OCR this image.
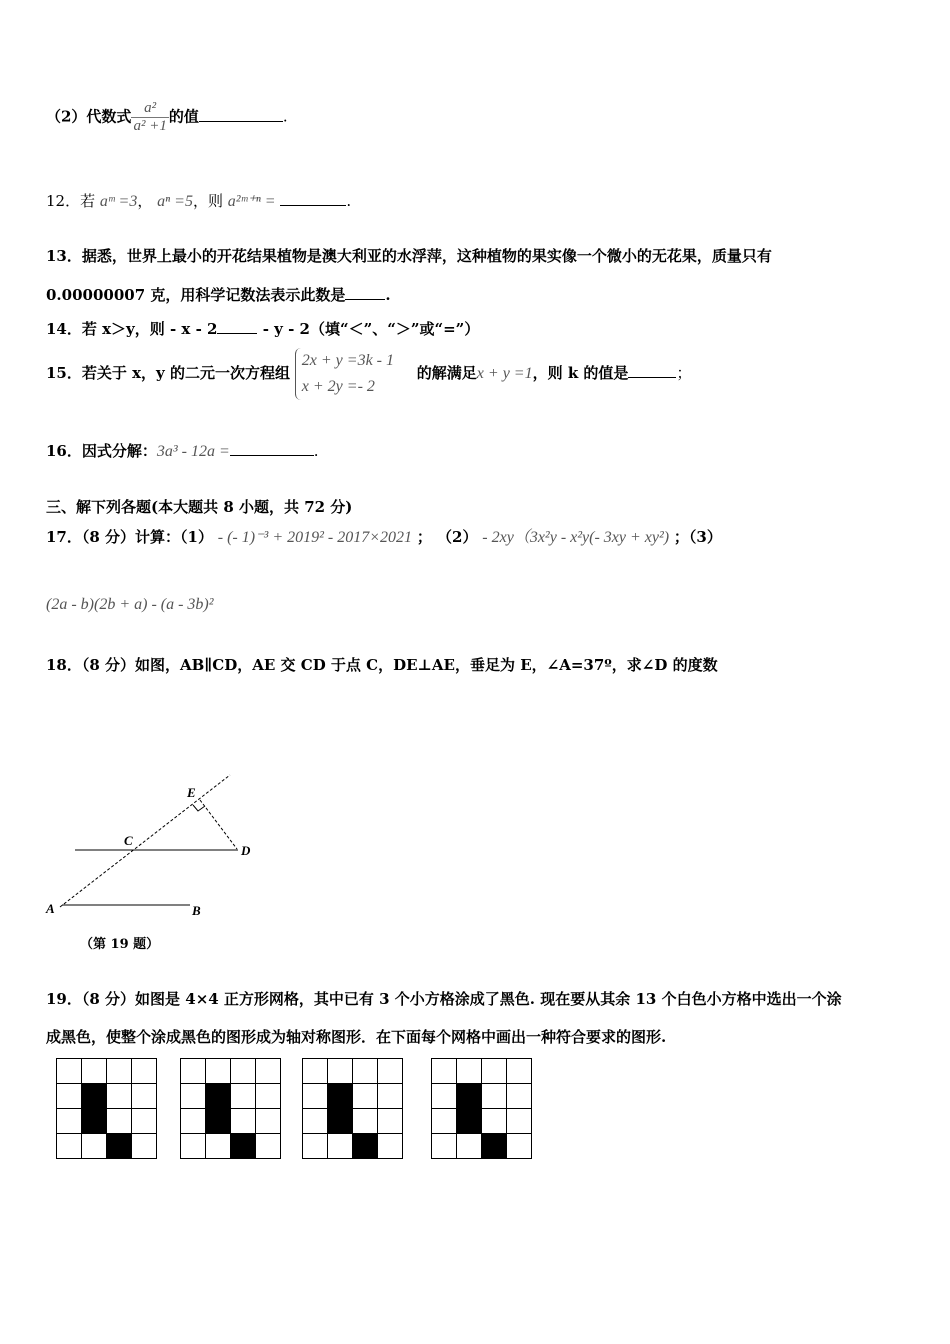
（2）代数式 $\frac{\text{a²}}{\text{a² +1}}$ 的值	.
12．若 aᵐ =3， aⁿ =5，则 a²ᵐ⁺ⁿ =	.
13．据悉，世界上最小的开花结果植物是澳大利亚的水浮萍，这种植物的果实像一个微小的无花果，质量只有
0.00000007 克，用科学记数法表示此数是	.
14．若 x＞y，则 - x - 2	- y - 2（填“＜”、“＞”或“=”）
15．若关于 x，y 的二元一次方程组
2x + y =3k - 1
x + 2y =- 2
的解满足x + y =1，则 k 的值是	；
16．因式分解：3a³ - 12a =	.
三、解下列各题(本大题共 8 小题，共 72 分)
17．（8 分）计算：（1） - (- 1)⁻³ + 2019² - 2017×2021 ； （2） - 2xy（3x²y - x²y(- 3xy + xy²) ；（3）
(2a - b)(2b + a) - (a - 3b)²
18．（8 分）如图，AB∥CD，AE 交 CD 于点 C，DE⊥AE，垂足为 E，∠A=37º，求∠D 的度数
E
C
D
A	B
（第 19 题）
19．（8 分）如图是 4×4 正方形网格，其中已有 3 个小方格涂成了黑色. 现在要从其余 13 个白色小方格中选出一个涂
成黑色，使整个涂成黑色的图形成为轴对称图形．在下面每个网格中画出一种符合要求的图形.
